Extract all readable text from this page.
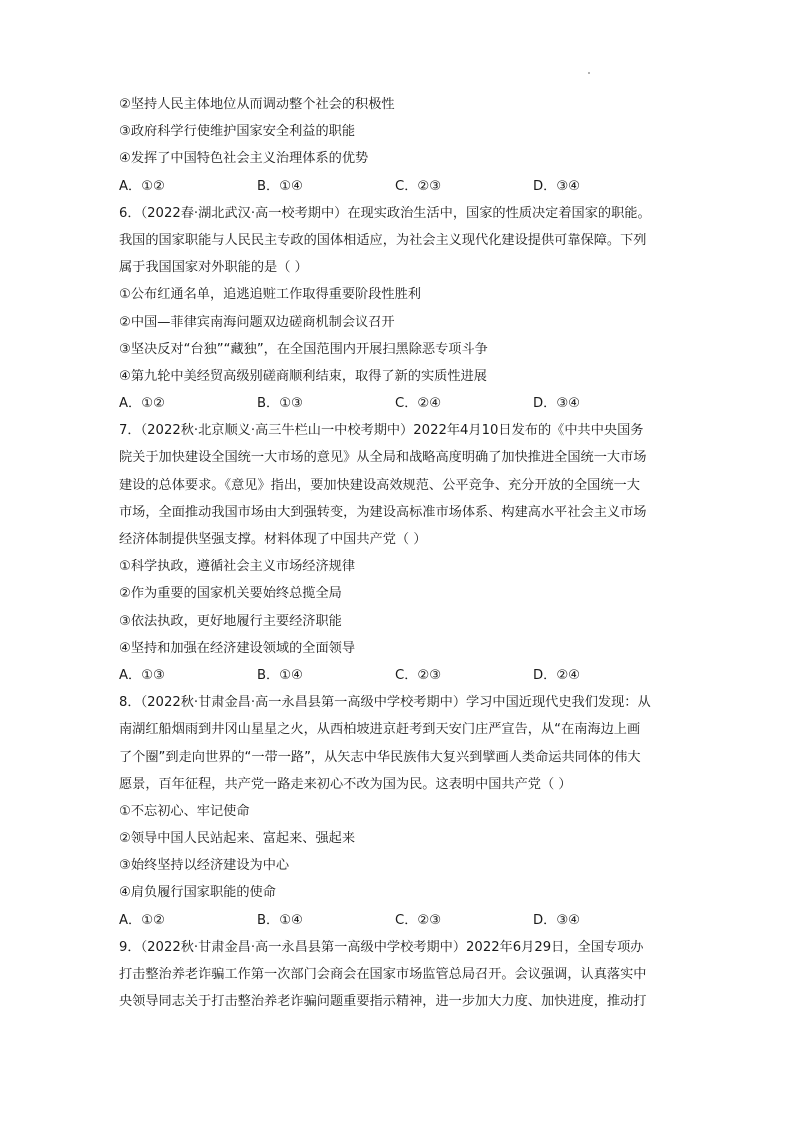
②坚持人民主体地位从而调动整个社会的积极性
③政府科学行使维护国家安全利益的职能
④发挥了中国特色社会主义治理体系的优势
A．①②	B．①④	C．②③	D．③④
6．（2022春·湖北武汉·高一校考期中）在现实政治生活中，国家的性质决定着国家的职能。
我国的国家职能与人民民主专政的国体相适应，为社会主义现代化建设提供可靠保障。下列
属于我国国家对外职能的是（ ）
①公布红通名单，追逃追赃工作取得重要阶段性胜利
②中国—菲律宾南海问题双边磋商机制会议召开
③坚决反对“台独”“藏独”，在全国范围内开展扫黑除恶专项斗争
④第九轮中美经贸高级别磋商顺利结束，取得了新的实质性进展
A．①②	B．①③	C．②④	D．③④
7．（2022秋·北京顺义·高三牛栏山一中校考期中）2022年4月10日发布的《中共中央国务
院关于加快建设全国统一大市场的意见》从全局和战略高度明确了加快推进全国统一大市场
建设的总体要求。《意见》指出，要加快建设高效规范、公平竞争、充分开放的全国统一大
市场，全面推动我国市场由大到强转变，为建设高标准市场体系、构建高水平社会主义市场
经济体制提供坚强支撑。材料体现了中国共产党（ ）
①科学执政，遵循社会主义市场经济规律
②作为重要的国家机关要始终总揽全局
③依法执政，更好地履行主要经济职能
④坚持和加强在经济建设领域的全面领导
A．①③	B．①④	C．②③	D．②④
8．（2022秋·甘肃金昌·高一永昌县第一高级中学校考期中）学习中国近现代史我们发现：从
南湖红船烟雨到井冈山星星之火，从西柏坡进京赶考到天安门庄严宣告，从“在南海边上画
了个圈”到走向世界的“一带一路”，从矢志中华民族伟大复兴到擘画人类命运共同体的伟大
愿景，百年征程，共产党一路走来初心不改为国为民。这表明中国共产党（ ）
①不忘初心、牢记使命
②领导中国人民站起来、富起来、强起来
③始终坚持以经济建设为中心
④肩负履行国家职能的使命
A．①②	B．①④	C．②③	D．③④
9．（2022秋·甘肃金昌·高一永昌县第一高级中学校考期中）2022年6月29日，全国专项办
打击整治养老诈骗工作第一次部门会商会在国家市场监管总局召开。会议强调，认真落实中
央领导同志关于打击整治养老诈骗问题重要指示精神，进一步加大力度、加快进度，推动打
